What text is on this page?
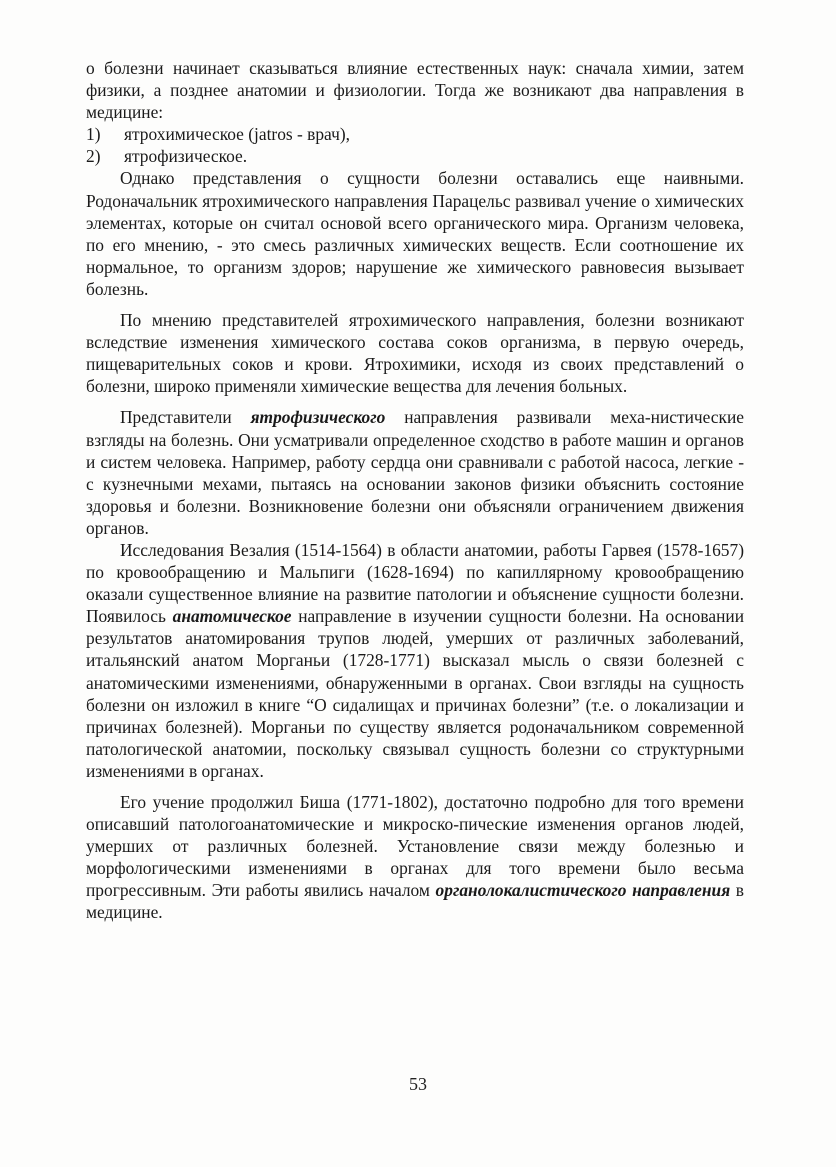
о болезни начинает сказываться влияние естественных наук: сначала химии, затем физики, а позднее анатомии и физиологии. Тогда же возникают два направления в медицине:

1)	ятрохимическое (jatros - врач),
2)	ятрофизическое.

Однако представления о сущности болезни оставались еще наивными. Родоначальник ятрохимического направления Парацельс развивал учение о химических элементах, которые он считал основой всего органического мира. Организм человека, по его мнению, - это смесь различных химических веществ. Если соотношение их нормальное, то организм здоров; нарушение же химического равновесия вызывает болезнь.

По мнению представителей ятрохимического направления, болезни возникают вследствие изменения химического состава соков организма, в первую очередь, пищеварительных соков и крови. Ятрохимики, исходя из своих представлений о болезни, широко применяли химические вещества для лечения больных.

Представители ятрофизического направления развивали меха-нистические взгляды на болезнь. Они усматривали определенное сходство в работе машин и органов и систем человека. Например, работу сердца они сравнивали с работой насоса, легкие - с кузнечными мехами, пытаясь на основании законов физики объяснить состояние здоровья и болезни. Возникновение болезни они объясняли ограничением движения органов.

Исследования Везалия (1514-1564) в области анатомии, работы Гарвея (1578-1657) по кровообращению и Мальпиги (1628-1694) по капиллярному кровообращению оказали существенное влияние на развитие патологии и объяснение сущности болезни. Появилось анатомическое направление в изучении сущности болезни. На основании результатов анатомирования трупов людей, умерших от различных заболеваний, итальянский анатом Морганьи (1728-1771) высказал мысль о связи болезней с анатомическими изменениями, обнаруженными в органах. Свои взгляды на сущность болезни он изложил в книге “О сидалищах и причинах болезни” (т.е. о локализации и причинах болезней). Морганьи по существу является родоначальником современной патологической анатомии, поскольку связывал сущность болезни со структурными изменениями в органах.

Его учение продолжил Биша (1771-1802), достаточно подробно для того времени описавший патологоанатомические и микроско-пические изменения органов людей, умерших от различных болезней. Установление связи между болезнью и морфологическими изменениями в органах для того времени было весьма прогрессивным. Эти работы явились началом органолокалистического направления в медицине.

53
